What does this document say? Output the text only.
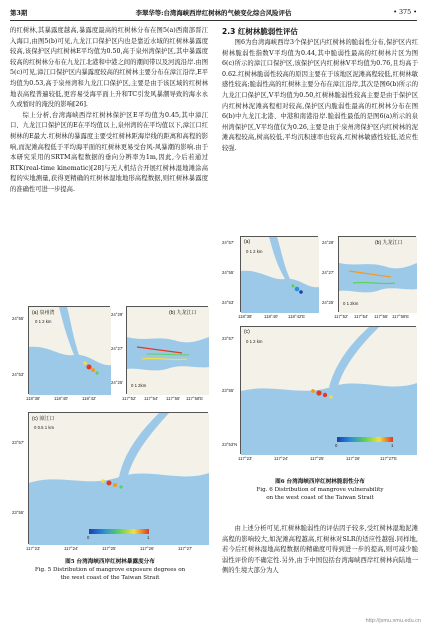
第3期	李翠华等:台湾海峡西岸红树林的气候变化综合风险评估	• 375 •

的红树林,其暴露度越高,暴露度最高的红树林分布在图5(a)西南部晋江入海口,由图5(b)可见,九龙江口保护区内也是靠近水域的红树林暴露度较高,该保护区内红树林E平均值为0.50,高于泉州湾保护区,其中暴露度较高的红树林分布在九龙江北港和中港之间的潮间带以及河流沿岸.由图5(c)可见,漳江口保护区内暴露度较高的红树林主要分布在漳江沿岸,E平均值为0.53,高于泉州湾和九龙江口保护区,主要是由于该区域的红树林地表高程普遍较低,更容易受海平面上升和TC引发风暴潮导致的海水永久或暂时的淹没的影响[26].

综上分析,台湾海峡西岸红树林保护区E平均值为0.45,其中漳江口、九龙江口保护区的E在平均值以上,泉州湾的在平均值以下,漳江口红树林的E最大.红树林的暴露度主要受红树林距海岸线的距离和高程的影响,而泥滩高程低于平均海平面的红树林更易受台风-风暴潮的影响.由于本研究采用的SRTM高程数据的垂向分辨率为1m,因此,今后若通过RTK(real-time kinematic)[28]与无人机结合开展红树林湿地滩涂高程的实地测量,获得更精确的红树林湿地地形高程数据,则红树林暴露度的准确性可进一步提高.

2.3 红树林脆弱性评估

图6为台湾海峡西岸3个保护区内红树林的脆弱性分布,保护区内红树林脆弱性指数V平均值为0.44,其中脆弱性最高的红树林片区为图6(c)所示的漳江口保护区,该保护区内红树林V平均值为0.76,且均高于0.62.红树林脆弱性较高的原因主要在于该地区泥滩高程较低,红树林敏感性较高;脆弱性高的红树林主要分布在漳江沿岸,其次是图6(b)所示的九龙江口保护区,V平均值为0.50,红树林脆弱性较高主要是由于保护区内红树林泥滩高程相对较高,保护区内脆弱性最高的红树林分布在图6(b)中九龙江北港、中港和南港沿岸.脆弱性最低的是图6(a)所示的泉州湾保护区,V平均值仅为0.26,主要是由于泉州湾保护区内红树林的泥滩高程较高,树高较低,平均沉积速率也较高,红树林敏感性较低,适应性较强.

由上述分析可见,红树林脆弱性的评估因子较多,受红树林湿地泥滩高程的影响较大,如泥滩高程越高,红树林对SLR的适应性越强.同样地,若今后红树林湿地高程数据的精确度可得到进一步的提高,则可减少脆弱性评价的不确定性.另外,由于中国包括台湾海峡西岸红树林向陆地一侧的生境大部分为人

(a) 泉州湾
0 1 2 km
24°55'
24°53'
118°38'	118°40'	118°42'
(b) 九龙江口
0 1 2km
24°29'
24°27'
24°25'
117°52' 117°54' 117°56' 117°58'E
(c) 漳江口
0 0.5 1 km
0	1
23°57'
23°55'
117°23'	117°24'	117°25'	117°26'	117°27'
图5 台湾海峡西岸红树林暴露度分布
Fig. 5 Distribution of mangrove exposure degrees on
the west coast of the Taiwan Strait
(a)
0 1 2 km
24°57'
24°55'
24°53'
118°38'	118°40' 118°42'E
(b) 九龙江口
0 1 2km
24°29'
24°27'
24°25'
117°52' 117°54' 117°56' 117°58'E
(c)
0 1 2 km
0	1
23°57'
23°55'
23°53'N
117°23'	117°24'	117°25'	117°26'	117°27'E
图6 台湾海峡西岸红树林脆弱性分布
Fig. 6 Distribution of mangrove vulnerability
on the west coast of the Taiwan Strait
http://jxmu.xmu.edu.cn
